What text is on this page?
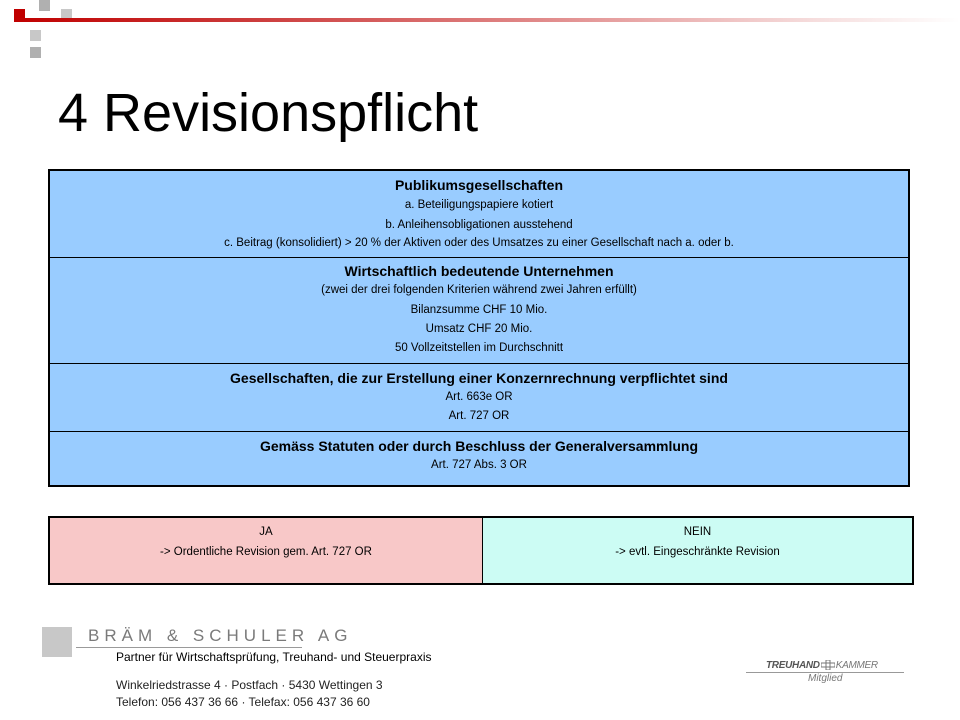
4 Revisionspflicht
Publikumsgesellschaften
a. Beteiligungspapiere kotiert
b. Anleihensobligationen ausstehend
c. Beitrag (konsolidiert) > 20 % der Aktiven oder des Umsatzes zu einer Gesellschaft nach a. oder b.
Wirtschaftlich bedeutende Unternehmen
(zwei der drei folgenden Kriterien während zwei Jahren erfüllt)
Bilanzsumme CHF 10 Mio.
Umsatz CHF 20 Mio.
50 Vollzeitstellen im Durchschnitt
Gesellschaften, die zur Erstellung einer Konzernrechnung verpflichtet sind
Art. 663e OR
Art. 727 OR
Gemäss Statuten oder durch Beschluss der Generalversammlung
Art. 727 Abs. 3 OR
JA
-> Ordentliche Revision gem. Art. 727 OR
NEIN
-> evtl. Eingeschränkte Revision
BRÄM & SCHULER AG
Partner für Wirtschaftsprüfung, Treuhand- und Steuerpraxis
Winkelriedstrasse 4 · Postfach · 5430 Wettingen 3
Telefon: 056 437 36 66 · Telefax: 056 437 36 60
TREUHAND KAMMER
Mitglied
